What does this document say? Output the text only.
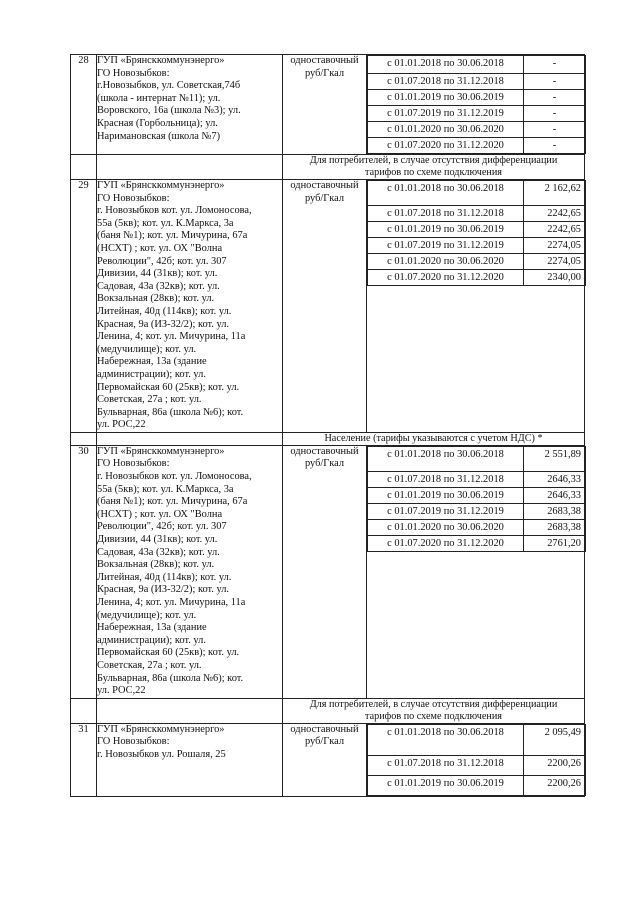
28	ГУП «Брянсккоммунэнерго»
ГО Новозыбков:
г.Новозыбков, ул. Советская,74б
(школа - интернат №11); ул.
Воровского, 16а (школа №3); ул.
Красная (Горбольница); ул.
Наримановская (школа №7)

одноставочный
руб/Гкал

с 01.01.2018 по 30.06.2018	-
с 01.07.2018 по 31.12.2018	-
с 01.01.2019 по 30.06.2019	-
с 01.07.2019 по 31.12.2019	-
с 01.01.2020 по 30.06.2020	-
с 01.07.2020 по 31.12.2020	-

Для потребителей, в случае отсутствия дифференциации
тарифов по схеме подключения

29	ГУП «Брянсккоммунэнерго»
ГО Новозыбков:
г. Новозыбков кот. ул. Ломоносова,
55а (5кв); кот. ул. К.Маркса, 3а
(баня №1); кот. ул. Мичурина, 67а
(НСХТ) ; кот. ул. ОХ "Волна
Революции", 42б; кот. ул. 307
Дивизии, 44 (31кв); кот. ул.
Садовая, 43а (32кв); кот. ул.
Вокзальная (28кв); кот. ул.
Литейная, 40д (114кв); кот. ул.
Красная, 9а (ИЗ-32/2); кот. ул.
Ленина, 4; кот. ул. Мичурина, 11а
(медучилище); кот. ул.
Набережная, 13а (здание
администрации); кот. ул.
Первомайская 60 (25кв); кот. ул.
Советская, 27а ; кот. ул.
Бульварная, 86а (школа №6); кот.
ул. РОС,22

одноставочный
руб/Гкал

с 01.01.2018 по 30.06.2018	2 162,62
с 01.07.2018 по 31.12.2018	2242,65
с 01.01.2019 по 30.06.2019	2242,65
с 01.07.2019 по 31.12.2019	2274,05
с 01.01.2020 по 30.06.2020	2274,05
с 01.07.2020 по 31.12.2020	2340,00

		Население (тарифы указываются с учетом НДС) *
30	ГУП «Брянсккоммунэнерго»
ГО Новозыбков:
г. Новозыбков кот. ул. Ломоносова,
55а (5кв); кот. ул. К.Маркса, 3а
(баня №1); кот. ул. Мичурина, 67а
(НСХТ) ; кот. ул. ОХ "Волна
Революции", 42б; кот. ул. 307
Дивизии, 44 (31кв); кот. ул.
Садовая, 43а (32кв); кот. ул.
Вокзальная (28кв); кот. ул.
Литейная, 40д (114кв); кот. ул.
Красная, 9а (ИЗ-32/2); кот. ул.
Ленина, 4; кот. ул. Мичурина, 11а
(медучилище); кот. ул.
Набережная, 13а (здание
администрации); кот. ул.
Первомайская 60 (25кв); кот. ул.
Советская, 27а ; кот. ул.
Бульварная, 86а (школа №6); кот.
ул. РОС,22

одноставочный
руб/Гкал

с 01.01.2018 по 30.06.2018	2 551,89
с 01.07.2018 по 31.12.2018	2646,33
с 01.01.2019 по 30.06.2019	2646,33
с 01.07.2019 по 31.12.2019	2683,38
с 01.01.2020 по 30.06.2020	2683,38
с 01.07.2020 по 31.12.2020	2761,20

Для потребителей, в случае отсутствия дифференциации
тарифов по схеме подключения

31	ГУП «Брянсккоммунэнерго»
ГО Новозыбков:
г. Новозыбков ул. Рошаля, 25

одноставочный
руб/Гкал

с 01.01.2018 по 30.06.2018	2 095,49
с 01.07.2018 по 31.12.2018	2200,26
с 01.01.2019 по 30.06.2019	2200,26
